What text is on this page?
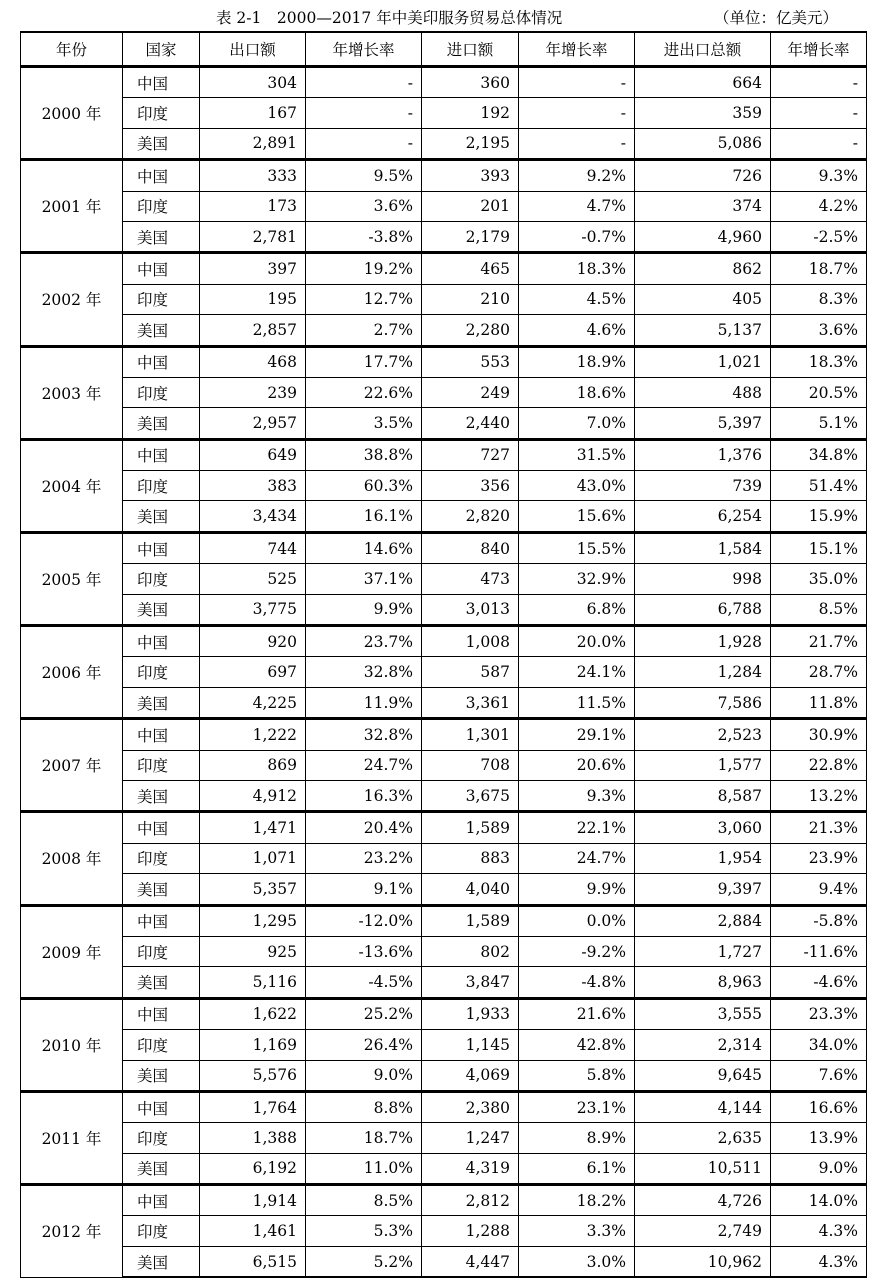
表 2-1　2000—2017 年中美印服务贸易总体情况	（单位：亿美元）
年份	国家	出口额	年增长率	进口额	年增长率	进出口总额	年增长率
2000 年	中国	304	-	360	-	664	-
	印度	167	-	192	-	359	-
	美国	2,891	-	2,195	-	5,086	-
2001 年	中国	333	9.5%	393	9.2%	726	9.3%
	印度	173	3.6%	201	4.7%	374	4.2%
	美国	2,781	-3.8%	2,179	-0.7%	4,960	-2.5%
2002 年	中国	397	19.2%	465	18.3%	862	18.7%
	印度	195	12.7%	210	4.5%	405	8.3%
	美国	2,857	2.7%	2,280	4.6%	5,137	3.6%
2003 年	中国	468	17.7%	553	18.9%	1,021	18.3%
	印度	239	22.6%	249	18.6%	488	20.5%
	美国	2,957	3.5%	2,440	7.0%	5,397	5.1%
2004 年	中国	649	38.8%	727	31.5%	1,376	34.8%
	印度	383	60.3%	356	43.0%	739	51.4%
	美国	3,434	16.1%	2,820	15.6%	6,254	15.9%
2005 年	中国	744	14.6%	840	15.5%	1,584	15.1%
	印度	525	37.1%	473	32.9%	998	35.0%
	美国	3,775	9.9%	3,013	6.8%	6,788	8.5%
2006 年	中国	920	23.7%	1,008	20.0%	1,928	21.7%
	印度	697	32.8%	587	24.1%	1,284	28.7%
	美国	4,225	11.9%	3,361	11.5%	7,586	11.8%
2007 年	中国	1,222	32.8%	1,301	29.1%	2,523	30.9%
	印度	869	24.7%	708	20.6%	1,577	22.8%
	美国	4,912	16.3%	3,675	9.3%	8,587	13.2%
2008 年	中国	1,471	20.4%	1,589	22.1%	3,060	21.3%
	印度	1,071	23.2%	883	24.7%	1,954	23.9%
	美国	5,357	9.1%	4,040	9.9%	9,397	9.4%
2009 年	中国	1,295	-12.0%	1,589	0.0%	2,884	-5.8%
	印度	925	-13.6%	802	-9.2%	1,727	-11.6%
	美国	5,116	-4.5%	3,847	-4.8%	8,963	-4.6%
2010 年	中国	1,622	25.2%	1,933	21.6%	3,555	23.3%
	印度	1,169	26.4%	1,145	42.8%	2,314	34.0%
	美国	5,576	9.0%	4,069	5.8%	9,645	7.6%
2011 年	中国	1,764	8.8%	2,380	23.1%	4,144	16.6%
	印度	1,388	18.7%	1,247	8.9%	2,635	13.9%
	美国	6,192	11.0%	4,319	6.1%	10,511	9.0%
2012 年	中国	1,914	8.5%	2,812	18.2%	4,726	14.0%
	印度	1,461	5.3%	1,288	3.3%	2,749	4.3%
	美国	6,515	5.2%	4,447	3.0%	10,962	4.3%
